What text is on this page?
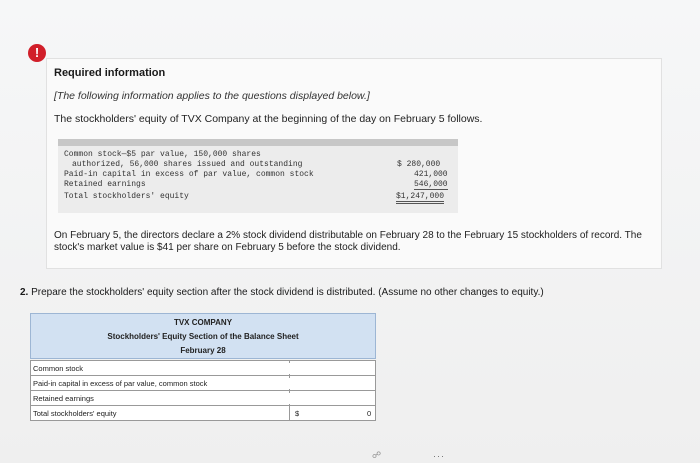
!
Required information
[The following information applies to the questions displayed below.]
The stockholders' equity of TVX Company at the beginning of the day on February 5 follows.
Common stock—$5 par value, 150,000 shares
authorized, 56,000 shares issued and outstanding	$ 280,000
Paid-in capital in excess of par value, common stock	421,000
Retained earnings	546,000
Total stockholders' equity	$1,247,000
On February 5, the directors declare a 2% stock dividend distributable on February 28 to the February 15 stockholders of record. The stock's market value is $41 per share on February 5 before the stock dividend.
2. Prepare the stockholders' equity section after the stock dividend is distributed. (Assume no other changes to equity.)
TVX COMPANY
Stockholders' Equity Section of the Balance Sheet
February 28
Common stock
Paid-in capital in excess of par value, common stock
Retained earnings
Total stockholders' equity	$	0
☍	···
